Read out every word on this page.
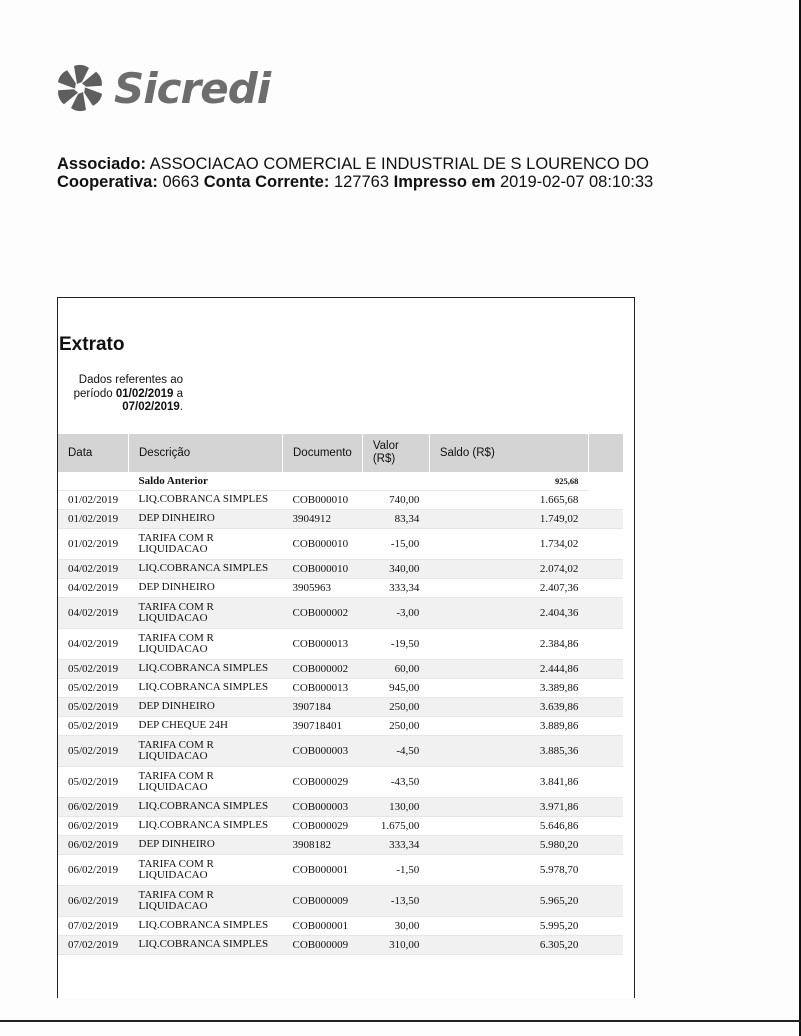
Sicredi
Associado: ASSOCIACAO COMERCIAL E INDUSTRIAL DE S LOURENCO DO
Cooperativa: 0663 Conta Corrente: 127763 Impresso em 2019-02-07 08:10:33
Extrato
Dados referentes ao período 01/02/2019 a 07/02/2019.
Data	Descrição	Documento	Valor (R$)	Saldo (R$)	
	Saldo Anterior			925,68	
01/02/2019	LIQ.COBRANCA SIMPLES	COB000010	740,00	1.665,68	
01/02/2019	DEP DINHEIRO	3904912	83,34	1.749,02	
01/02/2019	TARIFA COM R LIQUIDACAO	COB000010	-15,00	1.734,02	
04/02/2019	LIQ.COBRANCA SIMPLES	COB000010	340,00	2.074,02	
04/02/2019	DEP DINHEIRO	3905963	333,34	2.407,36	
04/02/2019	TARIFA COM R LIQUIDACAO	COB000002	-3,00	2.404,36	
04/02/2019	TARIFA COM R LIQUIDACAO	COB000013	-19,50	2.384,86	
05/02/2019	LIQ.COBRANCA SIMPLES	COB000002	60,00	2.444,86	
05/02/2019	LIQ.COBRANCA SIMPLES	COB000013	945,00	3.389,86	
05/02/2019	DEP DINHEIRO	3907184	250,00	3.639,86	
05/02/2019	DEP CHEQUE 24H	390718401	250,00	3.889,86	
05/02/2019	TARIFA COM R LIQUIDACAO	COB000003	-4,50	3.885,36	
05/02/2019	TARIFA COM R LIQUIDACAO	COB000029	-43,50	3.841,86	
06/02/2019	LIQ.COBRANCA SIMPLES	COB000003	130,00	3.971,86	
06/02/2019	LIQ.COBRANCA SIMPLES	COB000029	1.675,00	5.646,86	
06/02/2019	DEP DINHEIRO	3908182	333,34	5.980,20	
06/02/2019	TARIFA COM R LIQUIDACAO	COB000001	-1,50	5.978,70	
06/02/2019	TARIFA COM R LIQUIDACAO	COB000009	-13,50	5.965,20	
07/02/2019	LIQ.COBRANCA SIMPLES	COB000001	30,00	5.995,20	
07/02/2019	LIQ.COBRANCA SIMPLES	COB000009	310,00	6.305,20	
